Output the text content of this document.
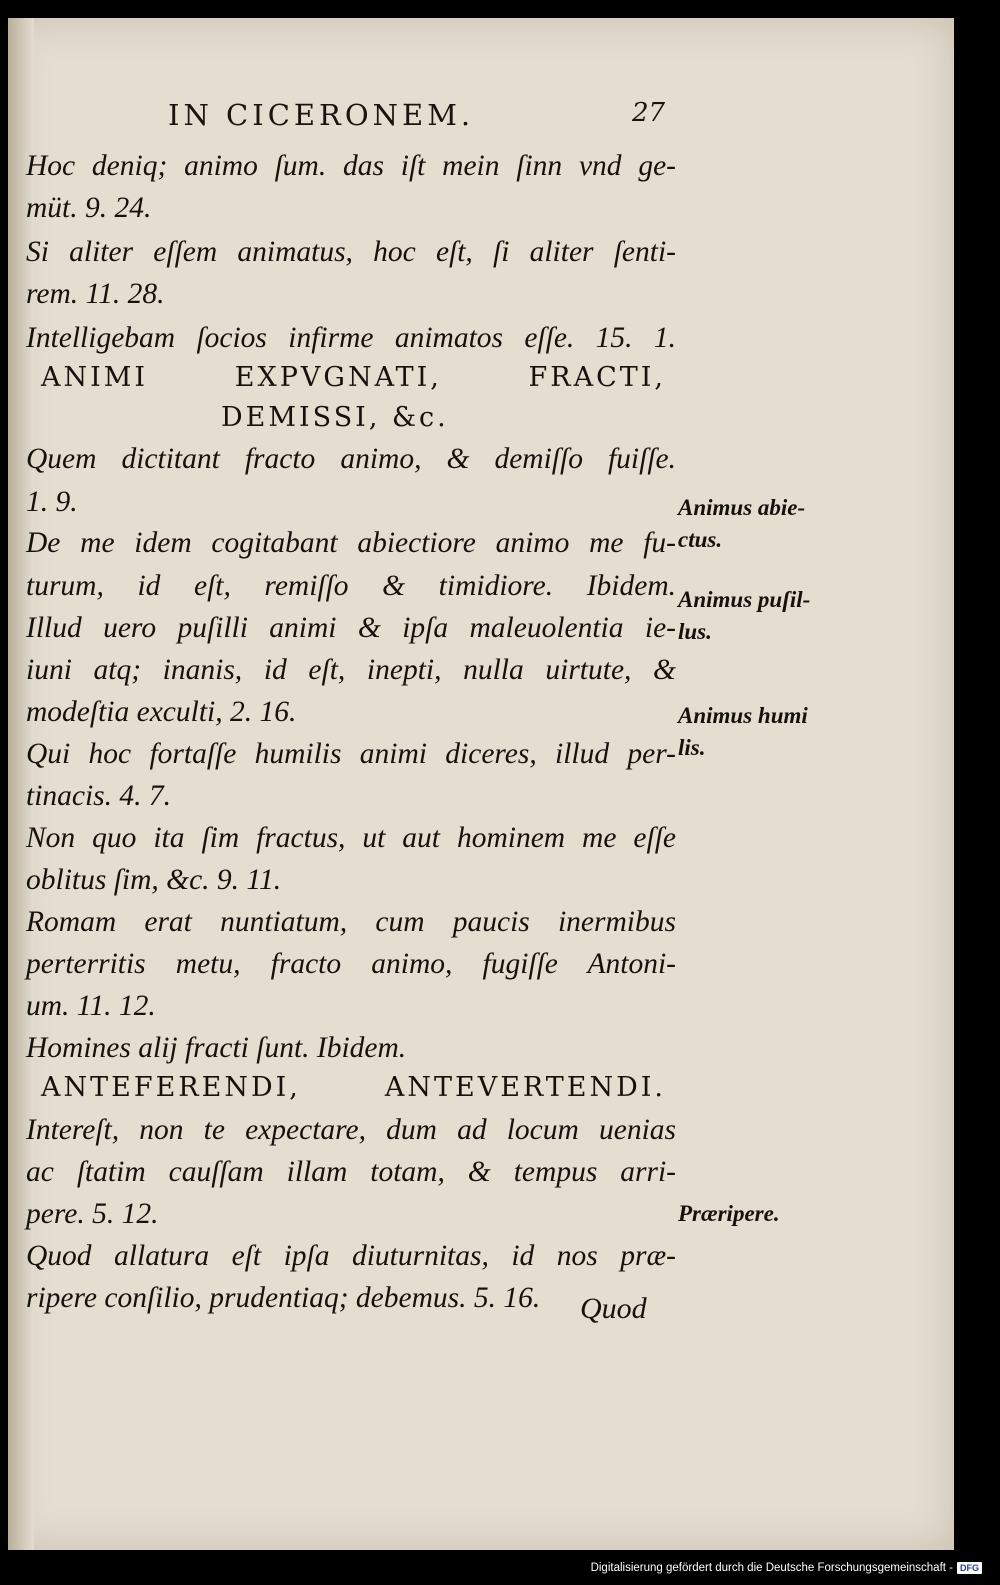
IN CICERONEM.	27
Hoc deniq; animo ſum. das iſt mein ſinn vnd ge-
müt. 9. 24.
Si aliter eſſem animatus, hoc eſt, ſi aliter ſenti-
rem. 11. 28.
Intelligebam ſocios infirme animatos eſſe. 15. 1.
ANIMI EXPVGNATI, FRACTI,
DEMISSI, &c.
Quem dictitant fracto animo, & demiſſo fuiſſe.
1. 9.
De me idem cogitabant abiectiore animo me fu-
turum, id eſt, remiſſo & timidiore. Ibidem.
Illud uero puſilli animi & ipſa maleuolentia ie-
iuni atq; inanis, id eſt, inepti, nulla uirtute, &
modeſtia exculti, 2. 16.
Qui hoc fortaſſe humilis animi diceres, illud per-
tinacis. 4. 7.
Non quo ita ſim fractus, ut aut hominem me eſſe
oblitus ſim, &c. 9. 11.
Romam erat nuntiatum, cum paucis inermibus
perterritis metu, fracto animo, fugiſſe Antoni-
um. 11. 12.
Homines alij fracti ſunt. Ibidem.
ANTEFERENDI, ANTEVERTENDI.
Intereſt, non te expectare, dum ad locum uenias
ac ſtatim cauſſam illam totam, & tempus arri-
pere. 5. 12.
Quod allatura eſt ipſa diuturnitas, id nos præ-
ripere conſilio, prudentiaq; debemus. 5. 16. Quod
Animus abie-
ctus.
Animus puſil-
lus.
Animus humi
lis.
Præripere.
Digitalisierung gefördert durch die Deutsche Forschungsgemeinschaft - DFG
